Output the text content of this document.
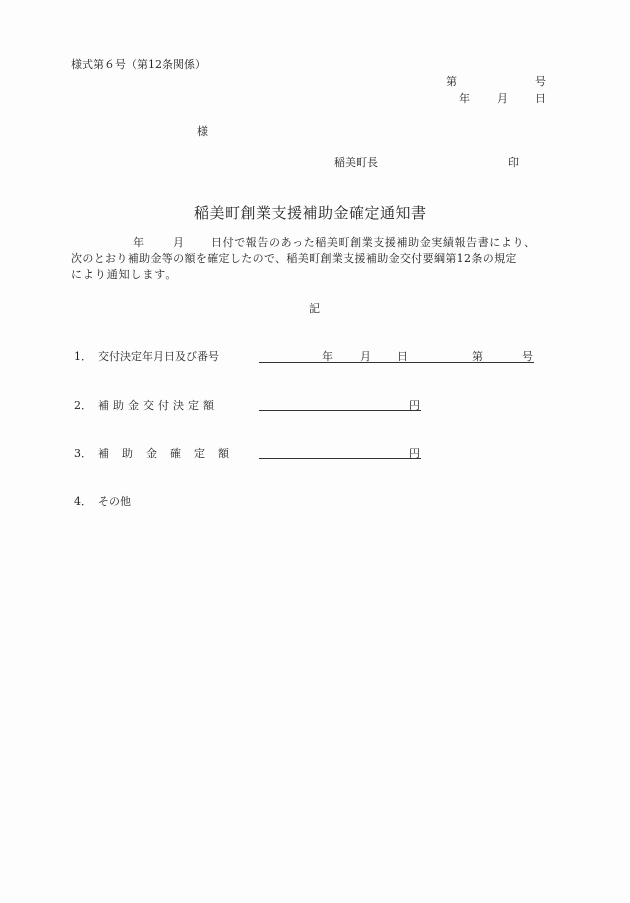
様式第６号（第12条関係）
第	号
年 月 日
様
稲美町長	印
稲美町創業支援補助金確定通知書
年	月 日付で報告のあった稲美町創業支援補助金実績報告書により、
次のとおり補助金等の額を確定したので、稲美町創業支援補助金交付要綱第12条の規定
により通知します。
記
1． 交付決定年月日及び番号	年 月 日	第	号
2． 補助金交付決定額	円
3． 補助金確定額	円
4． その他
